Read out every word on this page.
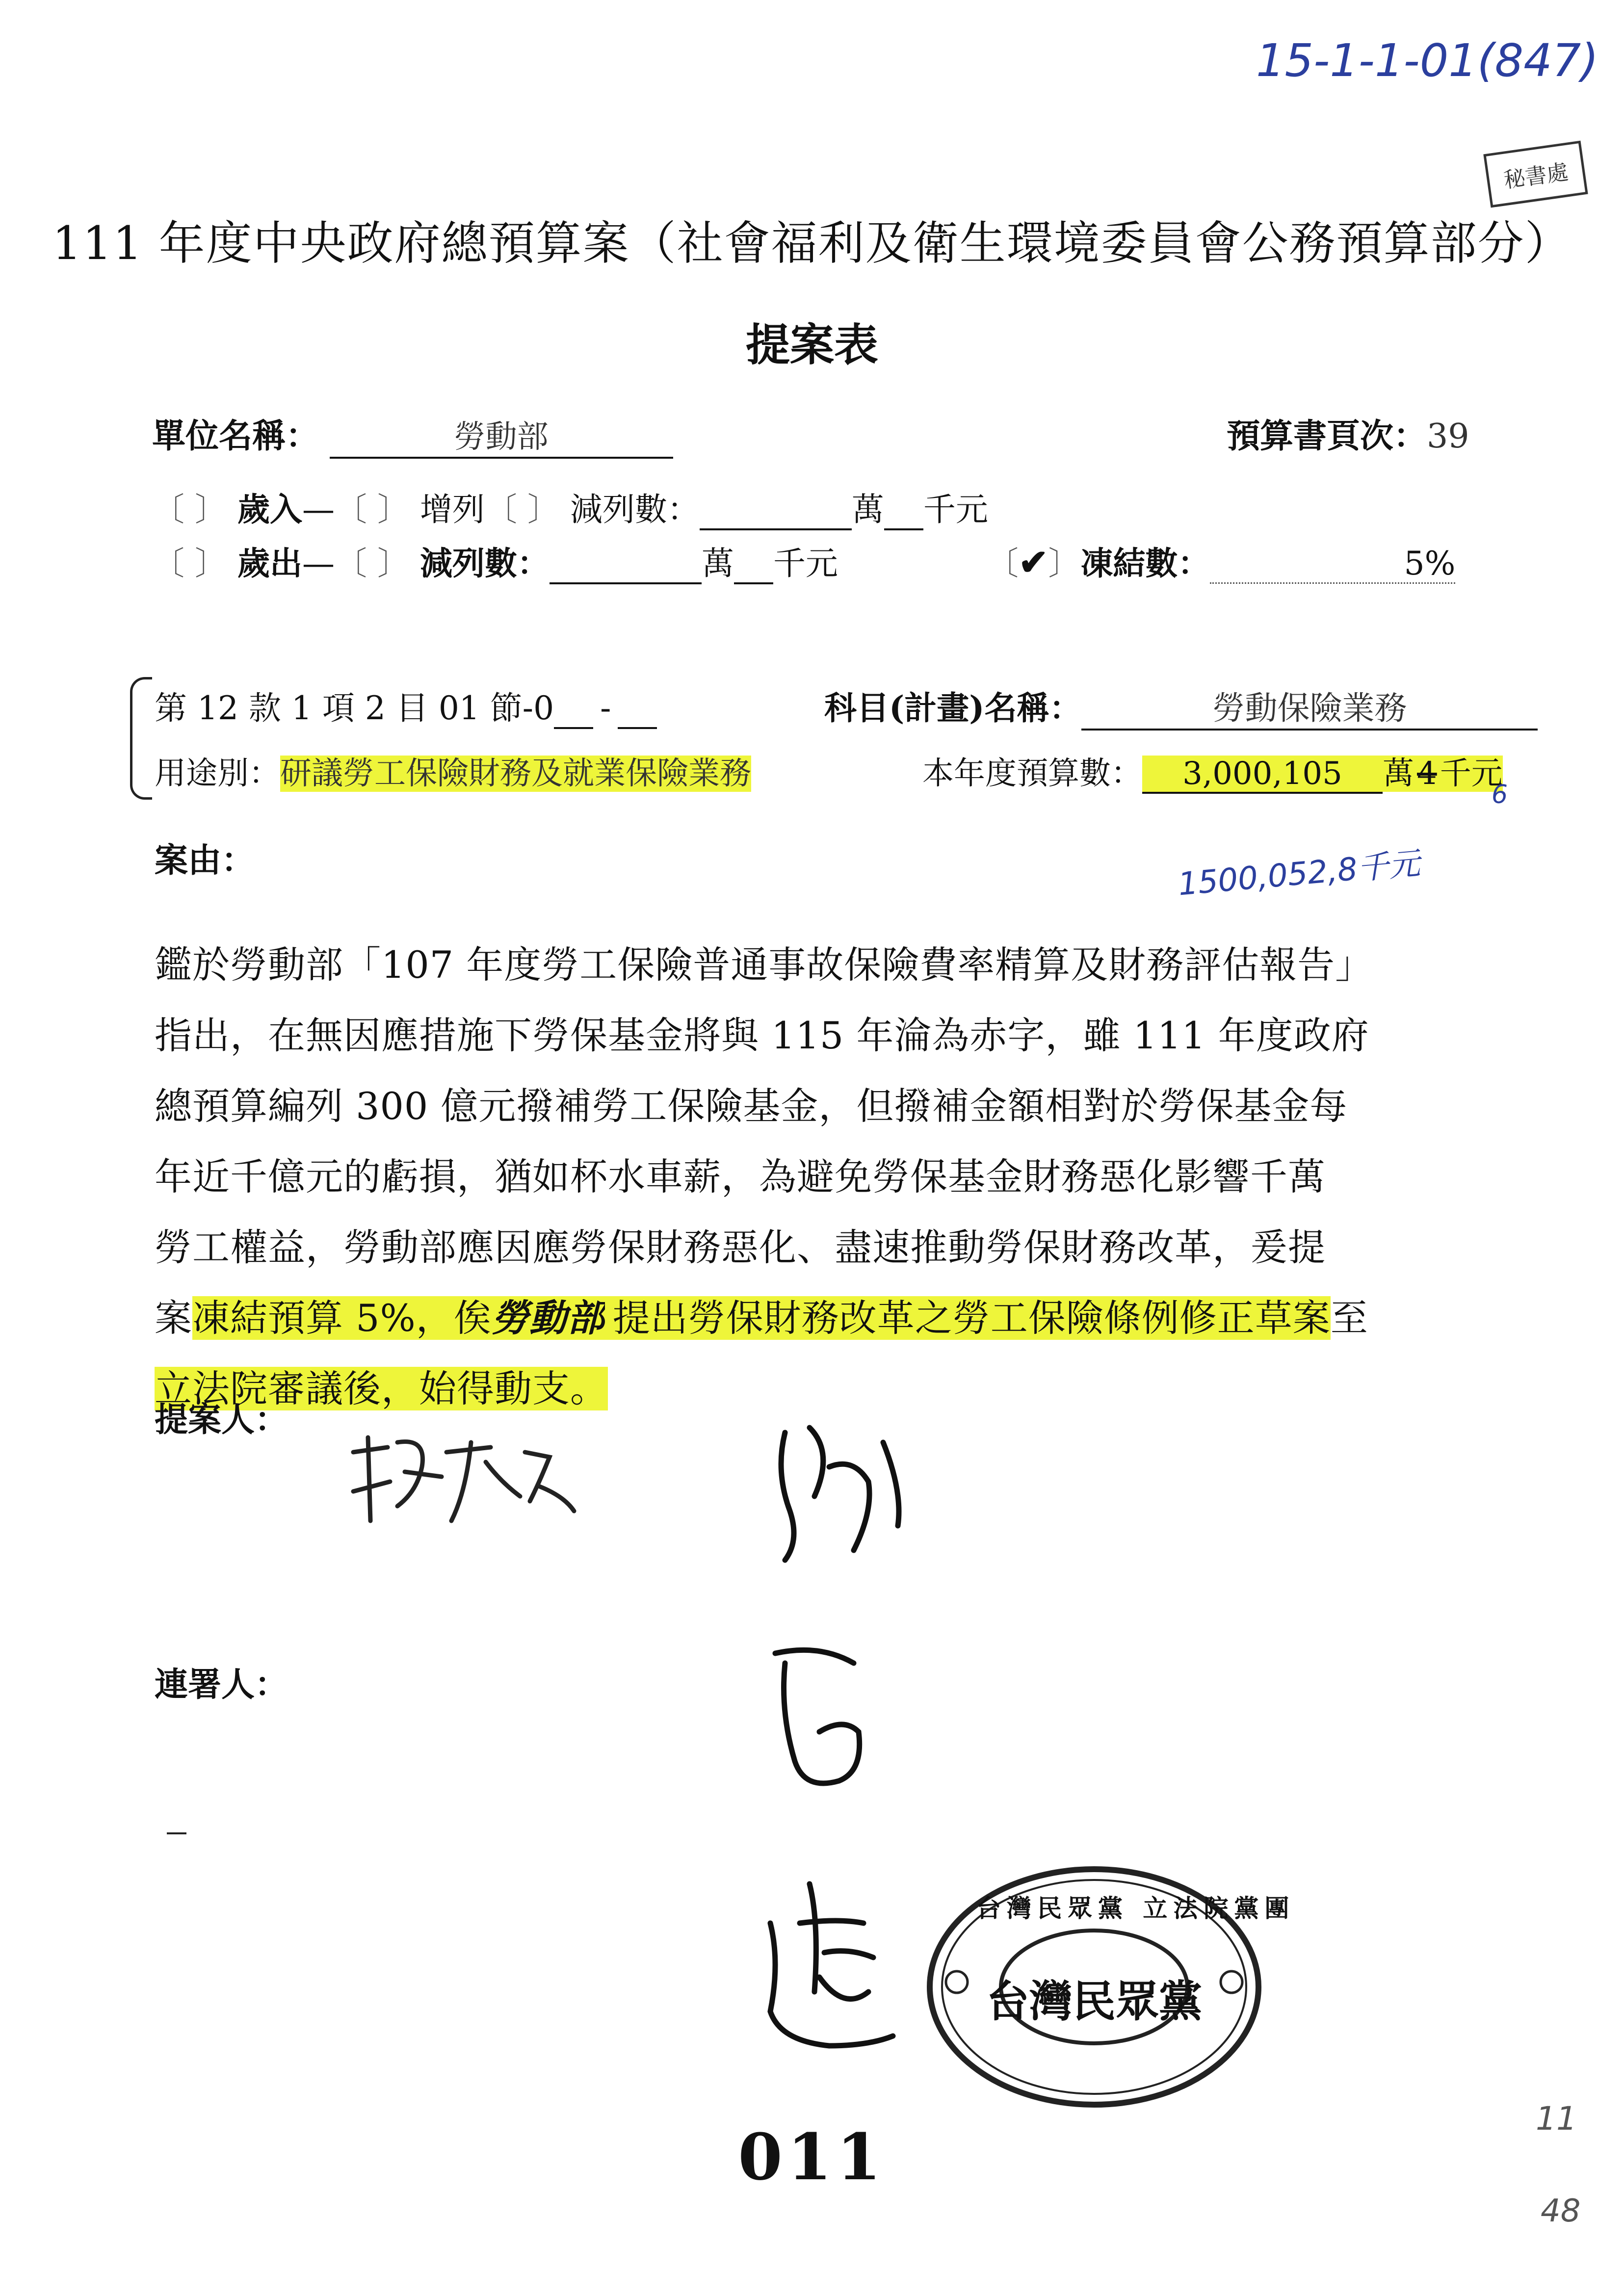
15-1-1-01(847)
秘書處
111 年度中央政府總預算案（社會福利及衛生環境委員會公務預算部分）
提案表
單位名稱：	勞動部	預算書頁次：39
〔 〕 歲入—〔 〕 增列〔 〕 減列數：	萬 千元
〔 〕 歲出—〔 〕 減列數：	萬 千元	〔✔〕凍結數：	5%
第 12 款 1 項 2 目 01 節-0 -	科目(計畫)名稱：	勞動保險業務
用途別：研議勞工保險財務及就業保險業務	本年度預算數： 3,000,105 萬4千元
6
案由：	1500,052,8千元
鑑於勞動部「107 年度勞工保險普通事故保險費率精算及財務評估報告」
指出，在無因應措施下勞保基金將與 115 年淪為赤字，雖 111 年度政府
總預算編列 300 億元撥補勞工保險基金，但撥補金額相對於勞保基金每
年近千億元的虧損，猶如杯水車薪，為避免勞保基金財務惡化影響千萬
勞工權益，勞動部應因應勞保財務惡化、盡速推動勞保財務改革，爰提
案凍結預算 5%，俟勞動部 提出勞保財務改革之勞工保險條例修正草案至
立法院審議後，始得動支。
提案人：
連署人：
台灣民眾黨
台灣民眾黨 立法院黨團
011
11
48
